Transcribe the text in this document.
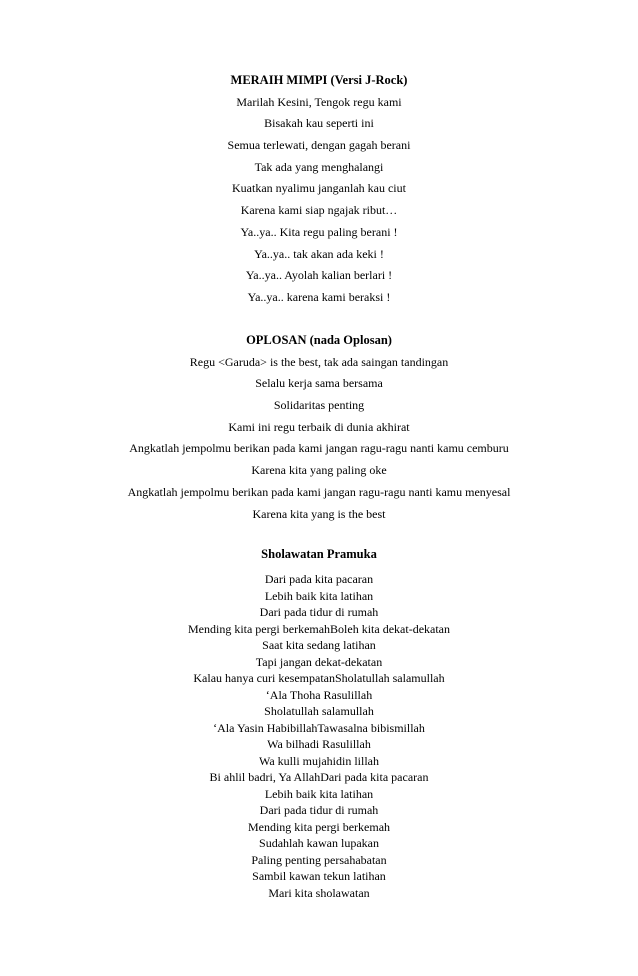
MERAIH MIMPI (Versi J-Rock)
Marilah Kesini, Tengok regu kami
Bisakah kau seperti ini
Semua terlewati, dengan gagah berani
Tak ada yang menghalangi
Kuatkan nyalimu janganlah kau ciut
Karena kami siap ngajak ribut…
Ya..ya.. Kita regu paling berani !
Ya..ya.. tak akan ada keki !
Ya..ya.. Ayolah kalian berlari !
Ya..ya.. karena kami beraksi !
OPLOSAN (nada Oplosan)
Regu <Garuda> is the best, tak ada saingan tandingan
Selalu kerja sama bersama
Solidaritas penting
Kami ini regu terbaik di dunia akhirat
Angkatlah jempolmu berikan pada kami jangan ragu-ragu nanti kamu cemburu
Karena kita yang paling oke
Angkatlah jempolmu berikan pada kami jangan ragu-ragu nanti kamu menyesal
Karena kita yang is the best
Sholawatan Pramuka
Dari pada kita pacaran
Lebih baik kita latihan
Dari pada tidur di rumah
Mending kita pergi berkemahBoleh kita dekat-dekatan
Saat kita sedang latihan
Tapi jangan dekat-dekatan
Kalau hanya curi kesempatanSholatullah salamullah
‘Ala Thoha Rasulillah
Sholatullah salamullah
‘Ala Yasin HabibillahTawasalna bibismillah
Wa bilhadi Rasulillah
Wa kulli mujahidin lillah
Bi ahlil badri, Ya AllahDari pada kita pacaran
Lebih baik kita latihan
Dari pada tidur di rumah
Mending kita pergi berkemah
Sudahlah kawan lupakan
Paling penting persahabatan
Sambil kawan tekun latihan
Mari kita sholawatan
